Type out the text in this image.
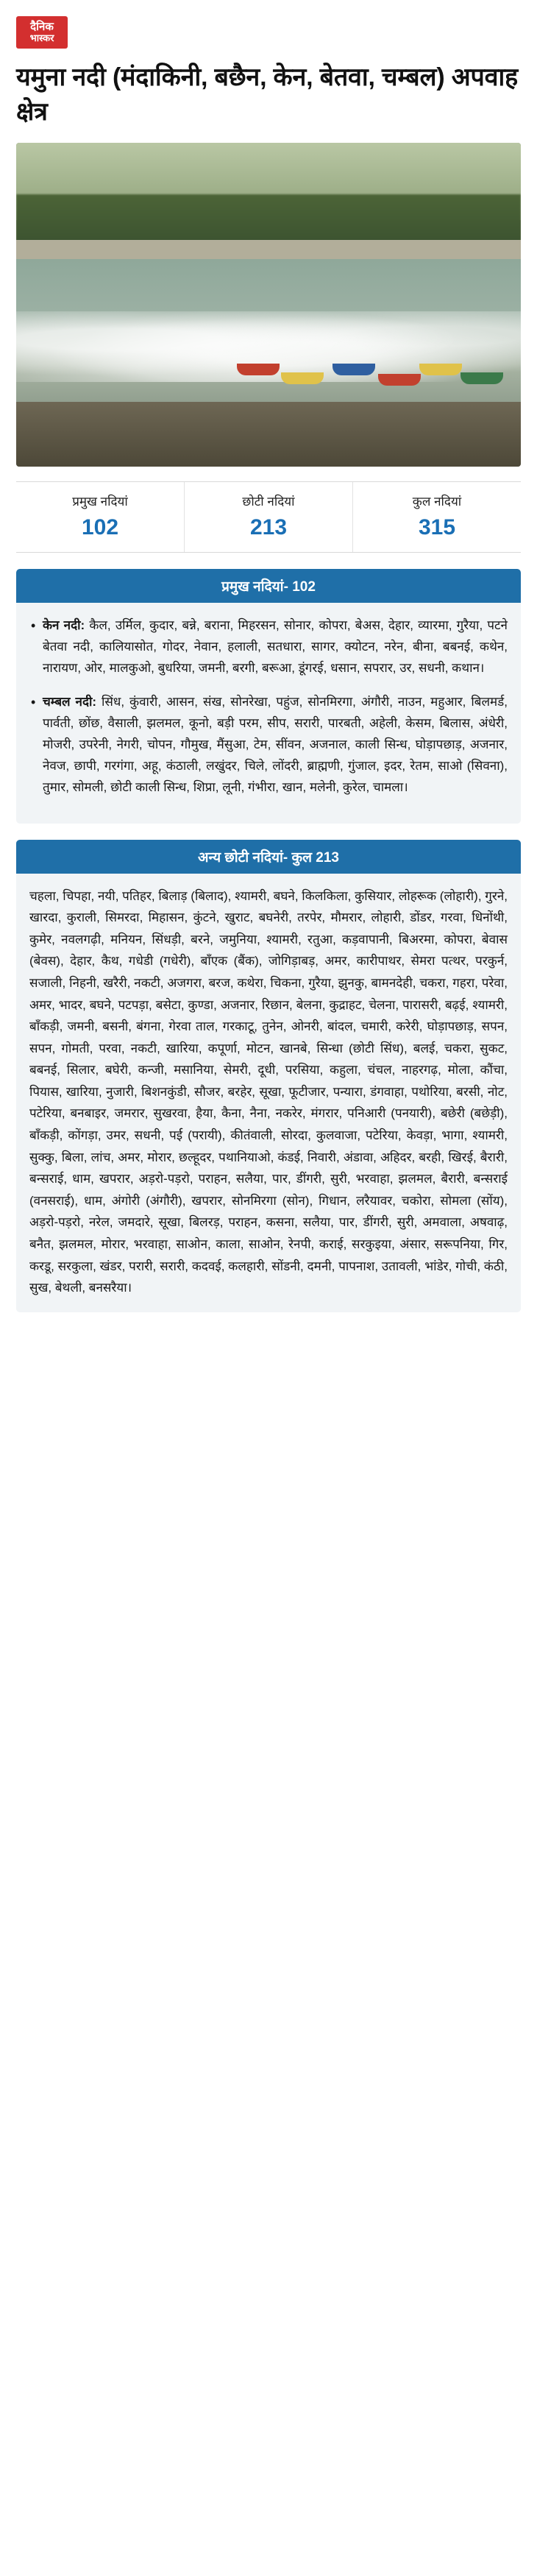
दैनिक
भास्कर
यमुना नदी (मंदाकिनी, बछैन, केन, बेतवा, चम्बल) अपवाह क्षेत्र
प्रमुख नदियां
102
छोटी नदियां
213
कुल नदियां
315
प्रमुख नदियां- 102
• केन नदी: कैल, उर्मिल, कुदार, बन्ने, बराना, मिहरसन, सोनार, कोपरा, बेअस, देहार, व्यारमा, गुरैया, पटने बेतवा नदी, कालियासोत, गोदर, नेवान, हलाली, सतधारा, सागर, क्योटन, नरेन, बीना, बबनई, कथेन, नारायण, ओर, मालकुओ, बुधरिया, जमनी, बरगी, बरूआ, डूंगरई, धसान, सपरार, उर, सधनी, कथान।
• चम्बल नदी: सिंध, कुंवारी, आसन, संख, सोनरेखा, पहुंज, सोनमिरगा, अंगौरी, नाउन, महुआर, बिलमर्ड, पार्वती, छोंछ, वैसाली, झलमल, कूनो, बड़ी परम, सीप, सरारी, पारबती, अहेली, केसम, बिलास, अंधेरी, मोजरी, उपरेनी, नेगरी, चोपन, गौमुख, मैंसुआ, टेम, सींवन, अजनाल, काली सिन्ध, घोड़ापछाड़, अजनार, नेवज, छापी, गरगंगा, अहू, कंठाली, लखुंदर, चिले, लोंदरी, ब्राह्मणी, गुंजाल, इदर, रेतम, साओ (सिवना), तुमार, सोमली, छोटी काली सिन्ध, शिप्रा, लूनी, गंभीरा, खान, मलेनी, कुरेल, चामला।
अन्य छोटी नदियां- कुल 213
चहला, चिपहा, नयी, पतिहर, बिलाड़ (बिलाद), श्यामरी, बघने, किलकिला, कुसियार, लोहरूक (लोहारी), गुरने, खारदा, कुराली, सिमरदा, मिहासन, कुंटने, खुराट, बघनेरी, तरपेर, मौमरार, लोहारी, डोंडर, गरवा, धिनोंथी, कुमेर, नवलगढ़ी, मनियन, सिंधड़ी, बरने, जमुनिया, श्यामरी, रतुआ, कड़वापानी, बिअरमा, कोपरा, बेवास (बेवस), देहार, कैथ, गधेडी (गधेरी), बॉंएक (बैंक), जोगिड़ाबड़, अमर, कारीपाथर, सेमरा पत्थर, परकुर्न, सजाली, निहनी, खरैरी, नकटी, अजगरा, बरज, कथेरा, चिकना, गुरैया, झुनकु, बामनदेही, चकरा, गहरा, परेवा, अमर, भादर, बघने, पटपड़ा, बसेटा, कुण्डा, अजनार, रिछान, बेलना, कुद्राहट, चेलना, पारासरी, बढ़ई, श्यामरी, बॉंकड़ी, जमनी, बसनी, बंगना, गेरवा ताल, गरकाटू, तुनेन, ओनरी, बांदल, चमारी, करेरी, घोड़ापछाड़, सपन, सपन, गोमती, परवा, नकटी, खारिया, कपूर्णा, मोटन, खानबे, सिन्धा (छोटी सिंध), बलई, चकरा, सुकट, बबनई, सिलार, बघेरी, कन्जी, मसानिया, सेमरी, दूधी, परसिया, कहुला, चंचल, नाहरगढ़, मोला, कौंचा, पियास, खारिया, नुजारी, बिशनकुंडी, सौजर, बरहेर, सूखा, फूटीजार, पन्यारा, डंगवाहा, पथोरिया, बरसी, नोट, पटेरिया, बनबाइर, जमरार, सुखरवा, हैया, कैना, नैना, नकरेर, मंगरार, पनिआरी (पनयारी), बछेरी (बछेड़ी), बॉंकड़ी, कोंगड़ा, उमर, सधनी, पर्ई (परायी), कीतंवाली, सोरदा, कुलवाजा, पटेरिया, केवड़ा, भागा, श्यामरी, सुक्कु, बिला, लांच, अमर, मोरार, छल्हूदर, पथानियाओ, कंडई, निवारी, अंडावा, अहिदर, बरही, खिरई, बैरारी, बन्सराई, धाम, खपरार, अड़रो-पड़रो, पराहन, सलैया, पार, डींगरी, सुरी, भरवाहा, झलमल, बैरारी, बन्सराई (वनसराई), धाम, अंगोरी (अंगौरी), खपरार, सोनमिरगा (सोन), गिधान, लरैयावर, चकोरा, सोमला (सोंय), अड़रो-पड़रो, नरेल, जमदारे, सूखा, बिलरड़, पराहन, कसना, सलैया, पार, डींगरी, सुरी, अमवाला, अषवाढ़, बनैत, झलमल, मोरार, भरवाहा, साओन, काला, साओन, रेनपी, कराई, सरकुइया, अंसार, सरूपनिया, गिर, करडू, सरकुला, खंडर, परारी, सरारी, कदवई, कलहारी, सोंडनी, दमनी, पापनाश, उतावली, भांडेर, गोची, कंठी, सुख, बेथली, बनसरैया।
